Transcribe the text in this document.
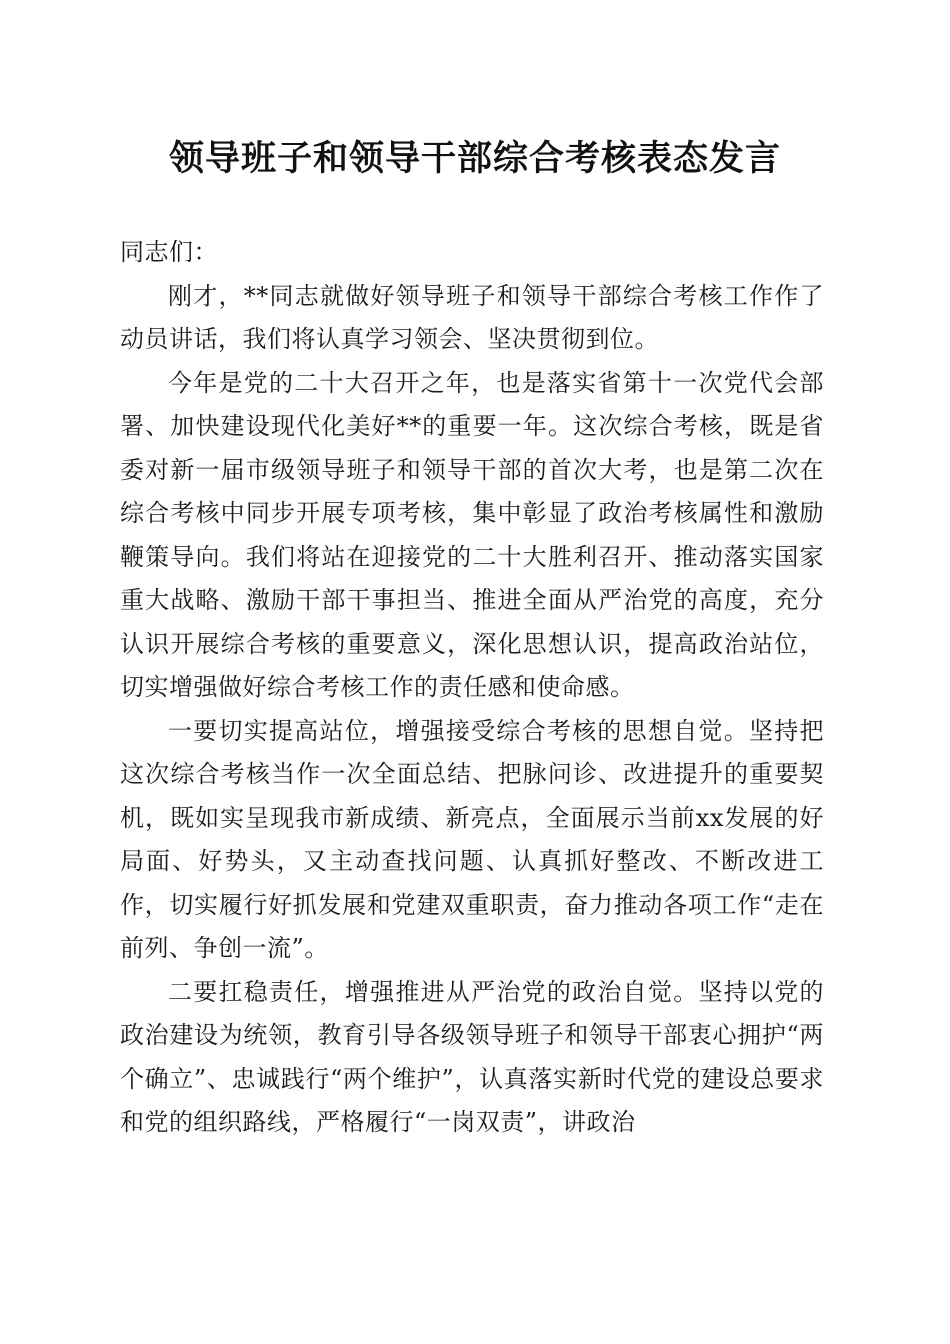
领导班子和领导干部综合考核表态发言

同志们：

刚才，**同志就做好领导班子和领导干部综合考核工作作了动员讲话，我们将认真学习领会、坚决贯彻到位。

今年是党的二十大召开之年，也是落实省第十一次党代会部署、加快建设现代化美好**的重要一年。这次综合考核，既是省委对新一届市级领导班子和领导干部的首次大考，也是第二次在综合考核中同步开展专项考核，集中彰显了政治考核属性和激励鞭策导向。我们将站在迎接党的二十大胜利召开、推动落实国家重大战略、激励干部干事担当、推进全面从严治党的高度，充分认识开展综合考核的重要意义，深化思想认识，提高政治站位，切实增强做好综合考核工作的责任感和使命感。

一要切实提高站位，增强接受综合考核的思想自觉。坚持把这次综合考核当作一次全面总结、把脉问诊、改进提升的重要契机，既如实呈现我市新成绩、新亮点，全面展示当前xx发展的好局面、好势头，又主动查找问题、认真抓好整改、不断改进工作，切实履行好抓发展和党建双重职责，奋力推动各项工作“走在前列、争创一流”。

二要扛稳责任，增强推进从严治党的政治自觉。坚持以党的政治建设为统领，教育引导各级领导班子和领导干部衷心拥护“两个确立”、忠诚践行“两个维护”，认真落实新时代党的建设总要求和党的组织路线，严格履行“一岗双责”，讲政治
